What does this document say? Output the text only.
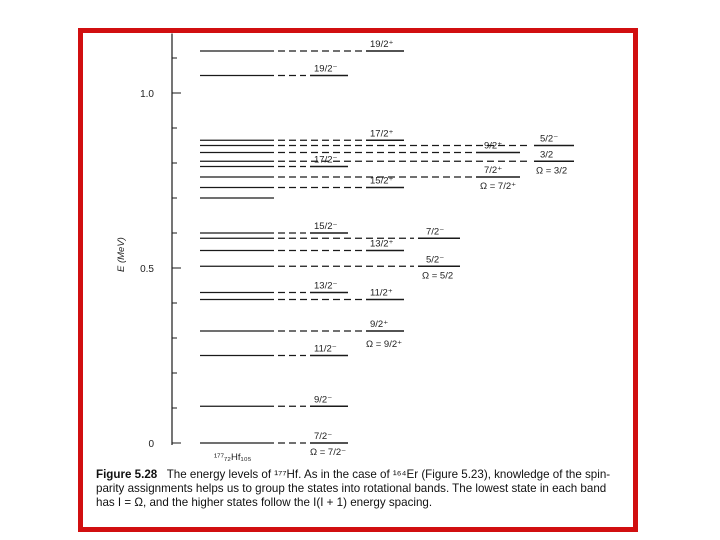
1.0
0.5
0
7/2⁻
9/2⁻
11/2⁻
13/2⁻
15/2⁻
17/2⁻
19/2⁻
Ω = 7/2⁻
9/2⁺
11/2⁺
13/2⁺
15/2⁺
17/2⁺
19/2⁺
Ω = 9/2⁺
5/2⁻
7/2⁻
Ω = 5/2
7/2⁺
9/2⁺
Ω = 7/2⁺
3/2
5/2⁻
Ω = 3/2
E (MeV)
¹⁷⁷₇₂Hf₁₀₅
Figure 5.28 The energy levels of ¹⁷⁷Hf. As in the case of ¹⁶⁴Er (Figure 5.23), knowledge of the spin-parity assignments helps us to group the states into rotational bands. The lowest state in each band has I = Ω, and the higher states follow the I(I + 1) energy spacing.
